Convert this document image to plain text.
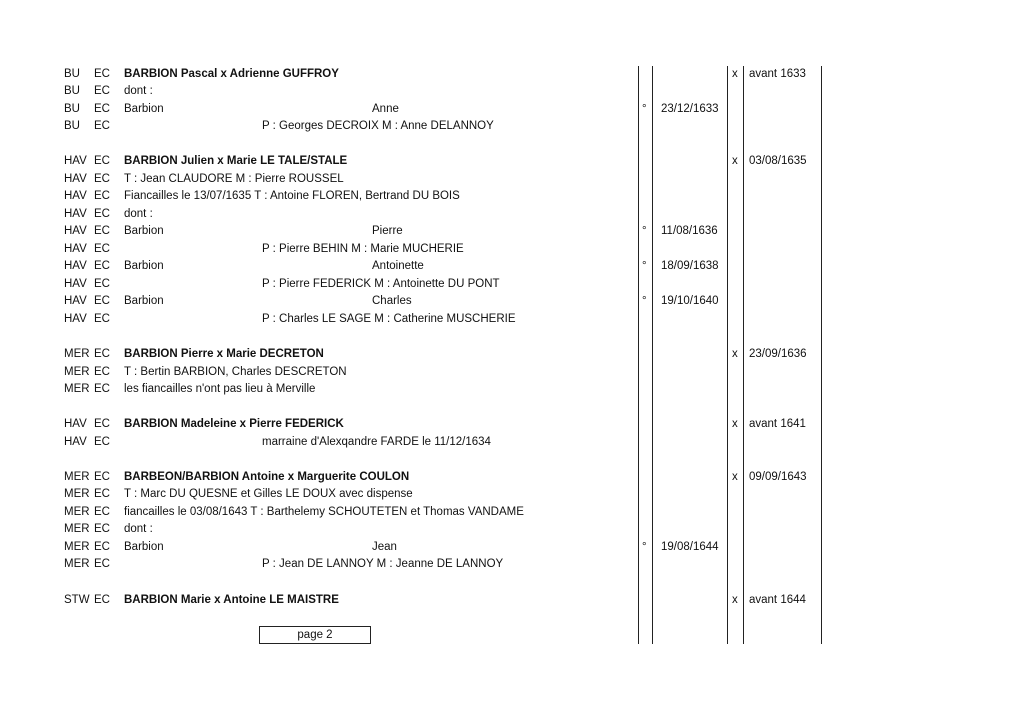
BU EC BARBION Pascal x Adrienne GUFFROY	x avant 1633
BU EC dont :
BU EC Barbion	Anne	° 23/12/1633
BU EC	P : Georges DECROIX M : Anne DELANNOY
HAV EC BARBION Julien x Marie LE TALE/STALE	x 03/08/1635
HAV EC T : Jean CLAUDORE M : Pierre ROUSSEL
HAV EC Fiancailles le 13/07/1635 T : Antoine FLOREN, Bertrand DU BOIS
HAV EC dont :
HAV EC Barbion	Pierre	° 11/08/1636
HAV EC	P : Pierre BEHIN M : Marie MUCHERIE
HAV EC Barbion	Antoinette	° 18/09/1638
HAV EC	P : Pierre FEDERICK M : Antoinette DU PONT
HAV EC Barbion	Charles	° 19/10/1640
HAV EC	P : Charles LE SAGE M : Catherine MUSCHERIE
MER EC BARBION Pierre x Marie DECRETON	x 23/09/1636
MER EC T : Bertin BARBION, Charles DESCRETON
MER EC les fiancailles n'ont pas lieu à Merville
HAV EC BARBION Madeleine x Pierre FEDERICK	x avant 1641
HAV EC	marraine d'Alexqandre FARDE le 11/12/1634
MER EC BARBEON/BARBION Antoine x Marguerite COULON	x 09/09/1643
MER EC T : Marc DU QUESNE et Gilles LE DOUX avec dispense
MER EC fiancailles le 03/08/1643 T : Barthelemy SCHOUTETEN et Thomas VANDAME
MER EC dont :
MER EC Barbion	Jean	° 19/08/1644
MER EC	P : Jean DE LANNOY M : Jeanne DE LANNOY
STW EC BARBION Marie x Antoine LE MAISTRE	x avant 1644
page 2
